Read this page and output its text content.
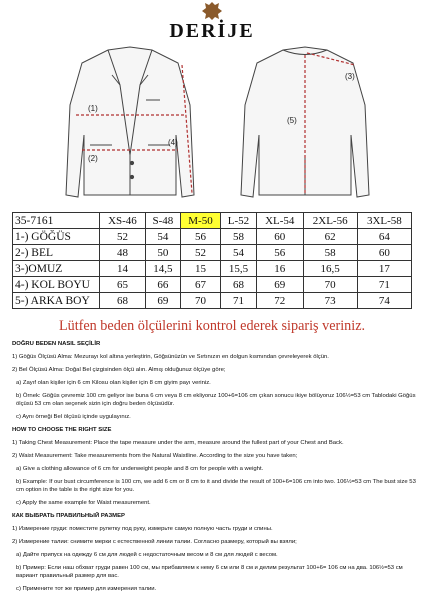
DERİJE
(1)
(2)
(4)
(3)
(5)
35-7161	XS-46	S-48	M-50	L-52	XL-54	2XL-56	3XL-58
1-) GÖĞÜS	52	54	56	58	60	62	64
2-) BEL	48	50	52	54	56	58	60
3-)OMUZ	14	14,5	15	15,5	16	16,5	17
4-) KOL BOYU	65	66	67	68	69	70	71
5-) ARKA BOY	68	69	70	71	72	73	74
Lütfen beden ölçülerini kontrol ederek sipariş veriniz.

DOĞRU BEDEN NASIL SEÇİLİR

1) Göğüs Ölçüsü Alma: Mezurayı kol altına yerleştirin, Göğsünüzün ve Sırtınızın en dolgun kısmından çevreleyerek ölçün.

2) Bel Ölçüsü Alma: Doğal Bel çizgisinden ölçü alın. Almış olduğunuz ölçüye göre;

a) Zayıf olan kişiler için 6 cm Kilosu olan kişiler için 8 cm giyim payı veriniz.

b) Örnek: Göğüs çevremiz 100 cm geliyor ise buna 6 cm veya 8 cm ekliyoruz 100+6=106 cm çıkan sonucu ikiye bölüyoruz 106½=53 cm Tablodaki Göğüs ölçüsü 53 cm olan seçenek sizin için doğru beden ölçüsüdür.

c) Aynı örneği Bel ölçüsü içinde uygulayınız.

HOW TO CHOOSE THE RIGHT SIZE

1) Taking Chest Measurement: Place the tape measure under the arm, measure around the fullest part of your Chest and Back.

2) Waist Measurement: Take measurements from the Natural Waistline. According to the size you have taken;

a) Give a clothing allowance of 6 cm for underweight people and 8 cm for people with a weight.

b) Example: If our bust circumference is 100 cm, we add 6 cm or 8 cm to it and divide the result of 100+6=106 cm into two. 106½=53 cm The bust size 53 cm option in the table is the right size for you.

c) Apply the same example for Waist measurement.

КАК ВЫБРАТЬ ПРАВИЛЬНЫЙ РАЗМЕР

1) Измерение груди: поместите рулетку под руку, измерьте самую полную часть груди и спины.

2) Измерение талии: снимите мерки с естественной линии талии. Согласно размеру, который вы взяли;

a) Дайте припуск на одежду 6 см для людей с недостаточным весом и 8 см для людей с весом.

b) Пример: Если наш обхват груди равен 100 см, мы прибавляем к нему 6 см или 8 см и делим результат 100+6= 106 см на два. 106½=53 см вариант правильный размер для вас.

c) Примените тот же пример для измерения талии.
